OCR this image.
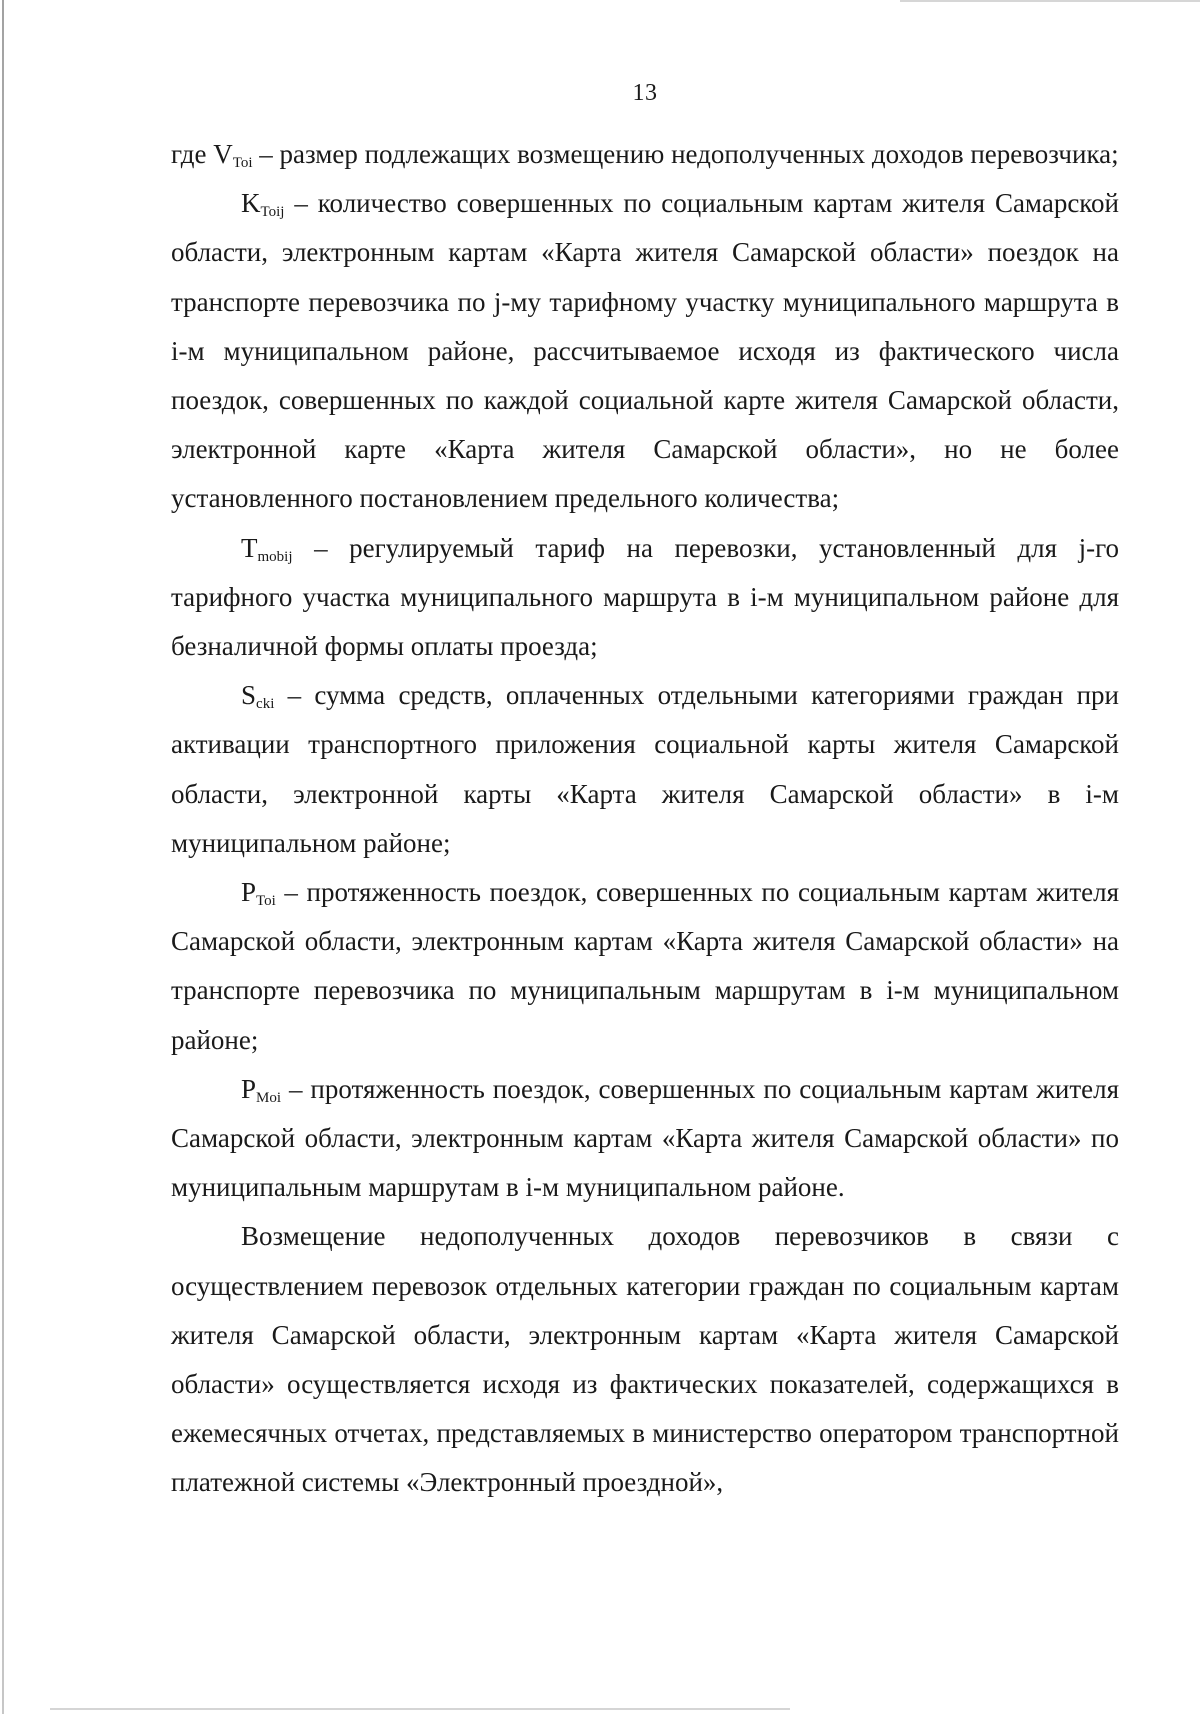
13

где $V_{Toi}$ – размер подлежащих возмещению недополученных доходов перевозчика;

$K_{Toij}$ – количество совершенных по социальным картам жителя Самарской области, электронным картам «Карта жителя Самарской области» поездок на транспорте перевозчика по j-му тарифному участку муниципального маршрута в i-м муниципальном районе, рассчитываемое исходя из фактического числа поездок, совершенных по каждой социальной карте жителя Самарской области, электронной карте «Карта жителя Самарской области», но не более установленного постановлением предельного количества;

$T_{mobij}$ – регулируемый тариф на перевозки, установленный для j-го тарифного участка муниципального маршрута в i-м муниципальном районе для безналичной формы оплаты проезда;

$S_{cki}$ – сумма средств, оплаченных отдельными категориями граждан при активации транспортного приложения социальной карты жителя Самарской области, электронной карты «Карта жителя Самарской области» в i-м муниципальном районе;

$P_{Toi}$ – протяженность поездок, совершенных по социальным картам жителя Самарской области, электронным картам «Карта жителя Самарской области» на транспорте перевозчика по муниципальным маршрутам в i-м муниципальном районе;

$P_{Moi}$ – протяженность поездок, совершенных по социальным картам жителя Самарской области, электронным картам «Карта жителя Самарской области» по муниципальным маршрутам в i-м муниципальном районе.

Возмещение недополученных доходов перевозчиков в связи с осуществлением перевозок отдельных категории граждан по социальным картам жителя Самарской области, электронным картам «Карта жителя Самарской области» осуществляется исходя из фактических показателей, содержащихся в ежемесячных отчетах, представляемых в министерство оператором транспортной платежной системы «Электронный проездной»,
